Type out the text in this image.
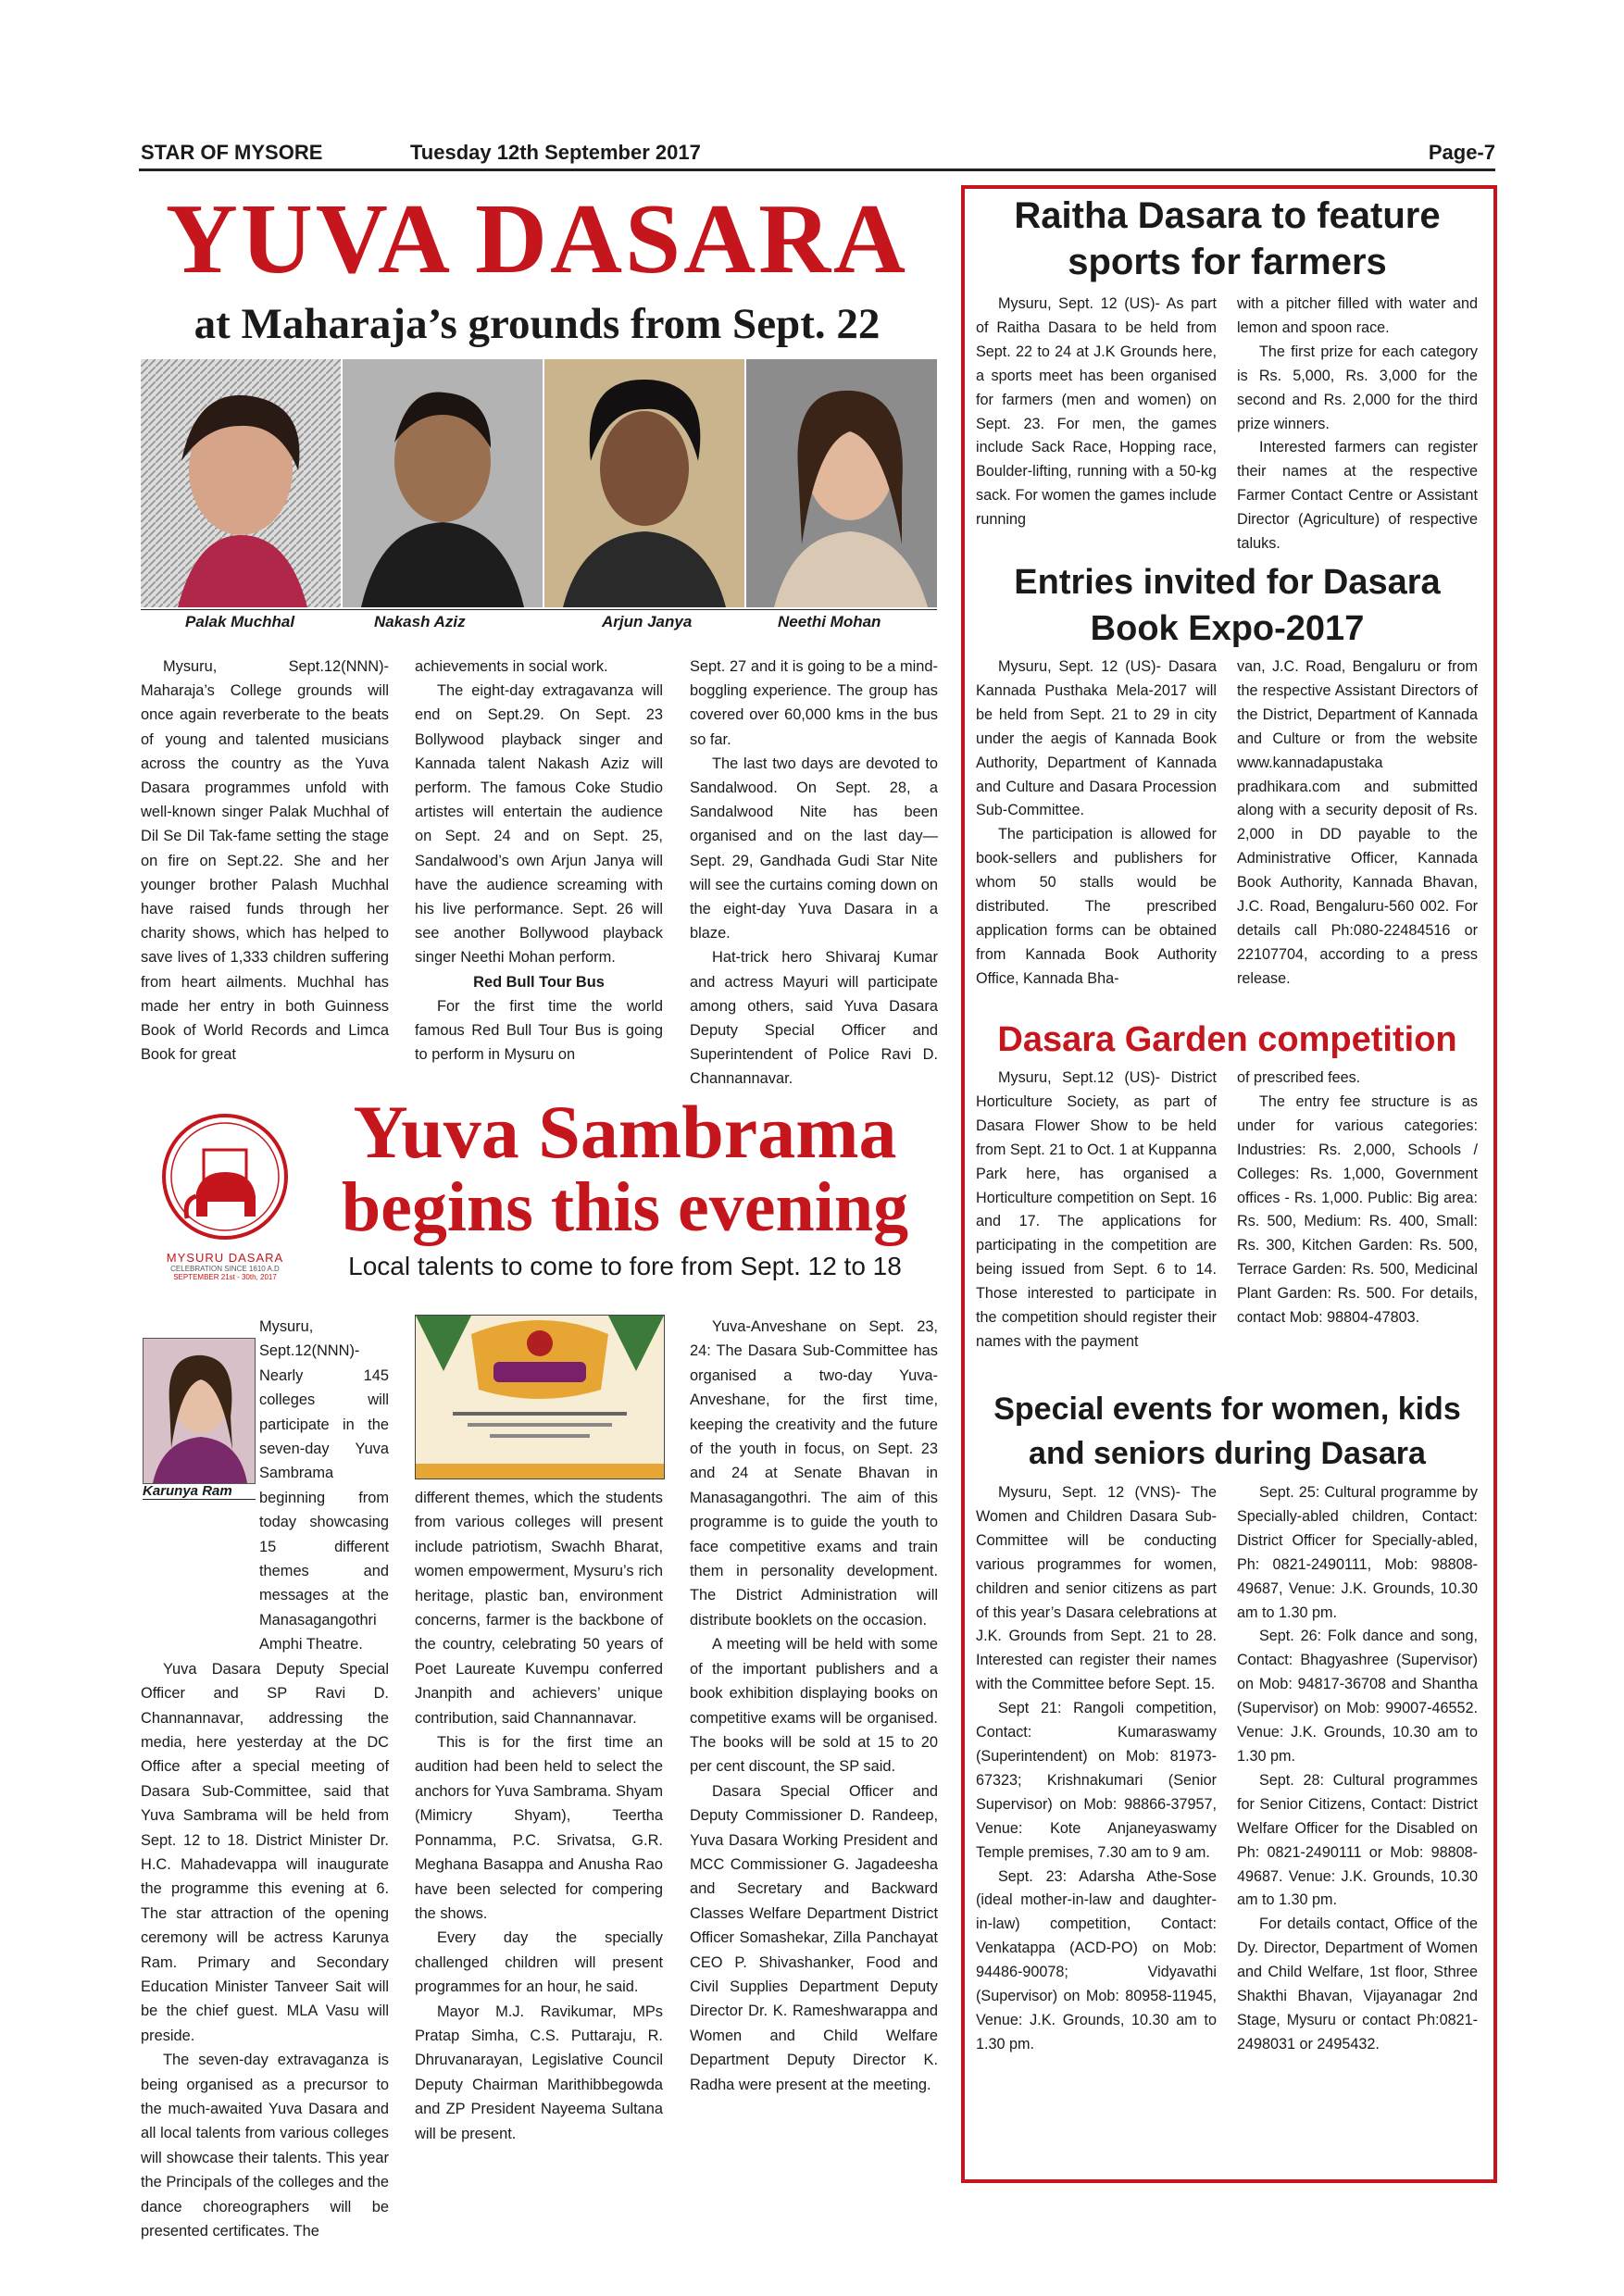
STAR OF MYSORE	Tuesday 12th September 2017	Page-7
YUVA DASARA
at Maharaja’s grounds from Sept. 22
Palak Muchhal	Nakash Aziz	Arjun Janya	Neethi Mohan

Mysuru, Sept.12(NNN)- Maharaja’s College grounds will once again reverberate to the beats of young and talented musicians across the country as the Yuva Dasara programmes unfold with well-known singer Palak Muchhal of Dil Se Dil Tak-fame setting the stage on fire on Sept.22. She and her younger brother Palash Muchhal have raised funds through her charity shows, which has helped to save lives of 1,333 children suffering from heart ailments. Muchhal has made her entry in both Guinness Book of World Records and Limca Book for great

achievements in social work.

The eight-day extragavanza will end on Sept.29. On Sept. 23 Bollywood playback singer and Kannada talent Nakash Aziz will perform. The famous Coke Studio artistes will entertain the audience on Sept. 24 and on Sept. 25, Sandalwood’s own Arjun Janya will have the audience screaming with his live performance. Sept. 26 will see another Bollywood playback singer Neethi Mohan perform.

Red Bull Tour Bus

For the first time the world famous Red Bull Tour Bus is going to perform in Mysuru on

Sept. 27 and it is going to be a mind-boggling experience. The group has covered over 60,000 kms in the bus so far.

The last two days are devoted to Sandalwood. On Sept. 28, a Sandalwood Nite has been organised and on the last day—Sept. 29, Gandhada Gudi Star Nite will see the curtains coming down on the eight-day Yuva Dasara in a blaze.

Hat-trick hero Shivaraj Kumar and actress Mayuri will participate among others, said Yuva Dasara Deputy Special Officer and Superintendent of Police Ravi D. Channannavar.

MYSURU DASARA
CELEBRATION SINCE 1610 A.D
SEPTEMBER 21st - 30th, 2017
Yuva Sambrama
begins this evening
Local talents to come to fore from Sept. 12 to 18
Karunya Ram

Mysuru, Sept.12(NNN)- Nearly 145 colleges will participate in the seven-day Yuva Sambrama beginning from today showcasing 15 different themes and messages at the Manasagangothri Amphi Theatre.

Yuva Dasara Deputy Special Officer and SP Ravi D. Channannavar, addressing the media, here yesterday at the DC Office after a special meeting of Dasara Sub-Committee, said that Yuva Sambrama will be held from Sept. 12 to 18. District Minister Dr. H.C. Mahadevappa will inaugurate the programme this evening at 6. The star attraction of the opening ceremony will be actress Karunya Ram. Primary and Secondary Education Minister Tanveer Sait will be the chief guest. MLA Vasu will preside.

The seven-day extravaganza is being organised as a precursor to the much-awaited Yuva Dasara and all local talents from various colleges will showcase their talents. This year the Principals of the colleges and the dance choreographers will be presented certificates. The

different themes, which the students from various colleges will present include patriotism, Swachh Bharat, women empowerment, Mysuru’s rich heritage, plastic ban, environment concerns, farmer is the backbone of the country, celebrating 50 years of Poet Laureate Kuvempu conferred Jnanpith and achievers’ unique contribution, said Channannavar.

This is for the first time an audition had been held to select the anchors for Yuva Sambrama. Shyam (Mimicry Shyam), Teertha Ponnamma, P.C. Srivatsa, G.R. Meghana Basappa and Anusha Rao have been selected for compering the shows.

Every day the specially challenged children will present programmes for an hour, he said.

Mayor M.J. Ravikumar, MPs Pratap Simha, C.S. Puttaraju, R. Dhruvanarayan, Legislative Council Deputy Chairman Marithibbegowda and ZP President Nayeema Sultana will be present.

Yuva-Anveshane on Sept. 23, 24: The Dasara Sub-Committee has organised a two-day Yuva-Anveshane, for the first time, keeping the creativity and the future of the youth in focus, on Sept. 23 and 24 at Senate Bhavan in Manasagangothri. The aim of this programme is to guide the youth to face competitive exams and train them in personality development. The District Administration will distribute booklets on the occasion.

A meeting will be held with some of the important publishers and a book exhibition displaying books on competitive exams will be organised. The books will be sold at 15 to 20 per cent discount, the SP said.

Dasara Special Officer and Deputy Commissioner D. Randeep, Yuva Dasara Working President and MCC Commissioner G. Jagadeesha and Secretary and Backward Classes Welfare Department District Officer Somashekar, Zilla Panchayat CEO P. Shivashanker, Food and Civil Supplies Department Deputy Director Dr. K. Rameshwarappa and Women and Child Welfare Department Deputy Director K. Radha were present at the meeting.

Raitha Dasara to feature sports for farmers

Mysuru, Sept. 12 (US)- As part of Raitha Dasara to be held from Sept. 22 to 24 at J.K Grounds here, a sports meet has been organised for farmers (men and women) on Sept. 23. For men, the games include Sack Race, Hopping race, Boulder-lifting, running with a 50-kg sack. For women the games include running

with a pitcher filled with water and lemon and spoon race.

The first prize for each category is Rs. 5,000, Rs. 3,000 for the second and Rs. 2,000 for the third prize winners.

Interested farmers can register their names at the respective Farmer Contact Centre or Assistant Director (Agriculture) of respective taluks.

Entries invited for Dasara Book Expo-2017

Mysuru, Sept. 12 (US)- Dasara Kannada Pusthaka Mela-2017 will be held from Sept. 21 to 29 in city under the aegis of Kannada Book Authority, Department of Kannada and Culture and Dasara Procession Sub-Committee.

The participation is allowed for book-sellers and publishers for whom 50 stalls would be distributed. The prescribed application forms can be obtained from Kannada Book Authority Office, Kannada Bha-

van, J.C. Road, Bengaluru or from the respective Assistant Directors of the District, Department of Kannada and Culture or from the website www.kannadapustaka pradhikara.com and submitted along with a security deposit of Rs. 2,000 in DD payable to the Administrative Officer, Kannada Book Authority, Kannada Bhavan, J.C. Road, Bengaluru-560 002. For details call Ph:080-22484516 or 22107704, according to a press release.

Dasara Garden competition

Mysuru, Sept.12 (US)- District Horticulture Society, as part of Dasara Flower Show to be held from Sept. 21 to Oct. 1 at Kuppanna Park here, has organised a Horticulture competition on Sept. 16 and 17. The applications for participating in the competition are being issued from Sept. 6 to 14. Those interested to participate in the competition should register their names with the payment

of prescribed fees.

The entry fee structure is as under for various categories: Industries: Rs. 2,000, Schools / Colleges: Rs. 1,000, Government offices - Rs. 1,000. Public: Big area: Rs. 500, Medium: Rs. 400, Small: Rs. 300, Kitchen Garden: Rs. 500, Terrace Garden: Rs. 500, Medicinal Plant Garden: Rs. 500. For details, contact Mob: 98804-47803.

Special events for women, kids and seniors during Dasara

Mysuru, Sept. 12 (VNS)- The Women and Children Dasara Sub-Committee will be conducting various programmes for women, children and senior citizens as part of this year’s Dasara celebrations at J.K. Grounds from Sept. 21 to 28. Interested can register their names with the Committee before Sept. 15.

Sept 21: Rangoli competition, Contact: Kumaraswamy (Superintendent) on Mob: 81973-67323; Krishnakumari (Senior Supervisor) on Mob: 98866-37957, Venue: Kote Anjaneyaswamy Temple premises, 7.30 am to 9 am.

Sept. 23: Adarsha Athe-Sose (ideal mother-in-law and daughter-in-law) competition, Contact: Venkatappa (ACD-PO) on Mob: 94486-90078; Vidyavathi (Supervisor) on Mob: 80958-11945, Venue: J.K. Grounds, 10.30 am to 1.30 pm.

Sept. 25: Cultural programme by Specially-abled children, Contact: District Officer for Specially-abled, Ph: 0821-2490111, Mob: 98808-49687, Venue: J.K. Grounds, 10.30 am to 1.30 pm.

Sept. 26: Folk dance and song, Contact: Bhagyashree (Supervisor) on Mob: 94817-36708 and Shantha (Supervisor) on Mob: 99007-46552. Venue: J.K. Grounds, 10.30 am to 1.30 pm.

Sept. 28: Cultural programmes for Senior Citizens, Contact: District Welfare Officer for the Disabled on Ph: 0821-2490111 or Mob: 98808-49687. Venue: J.K. Grounds, 10.30 am to 1.30 pm.

For details contact, Office of the Dy. Director, Department of Women and Child Welfare, 1st floor, Sthree Shakthi Bhavan, Vijayanagar 2nd Stage, Mysuru or contact Ph:0821-2498031 or 2495432.
